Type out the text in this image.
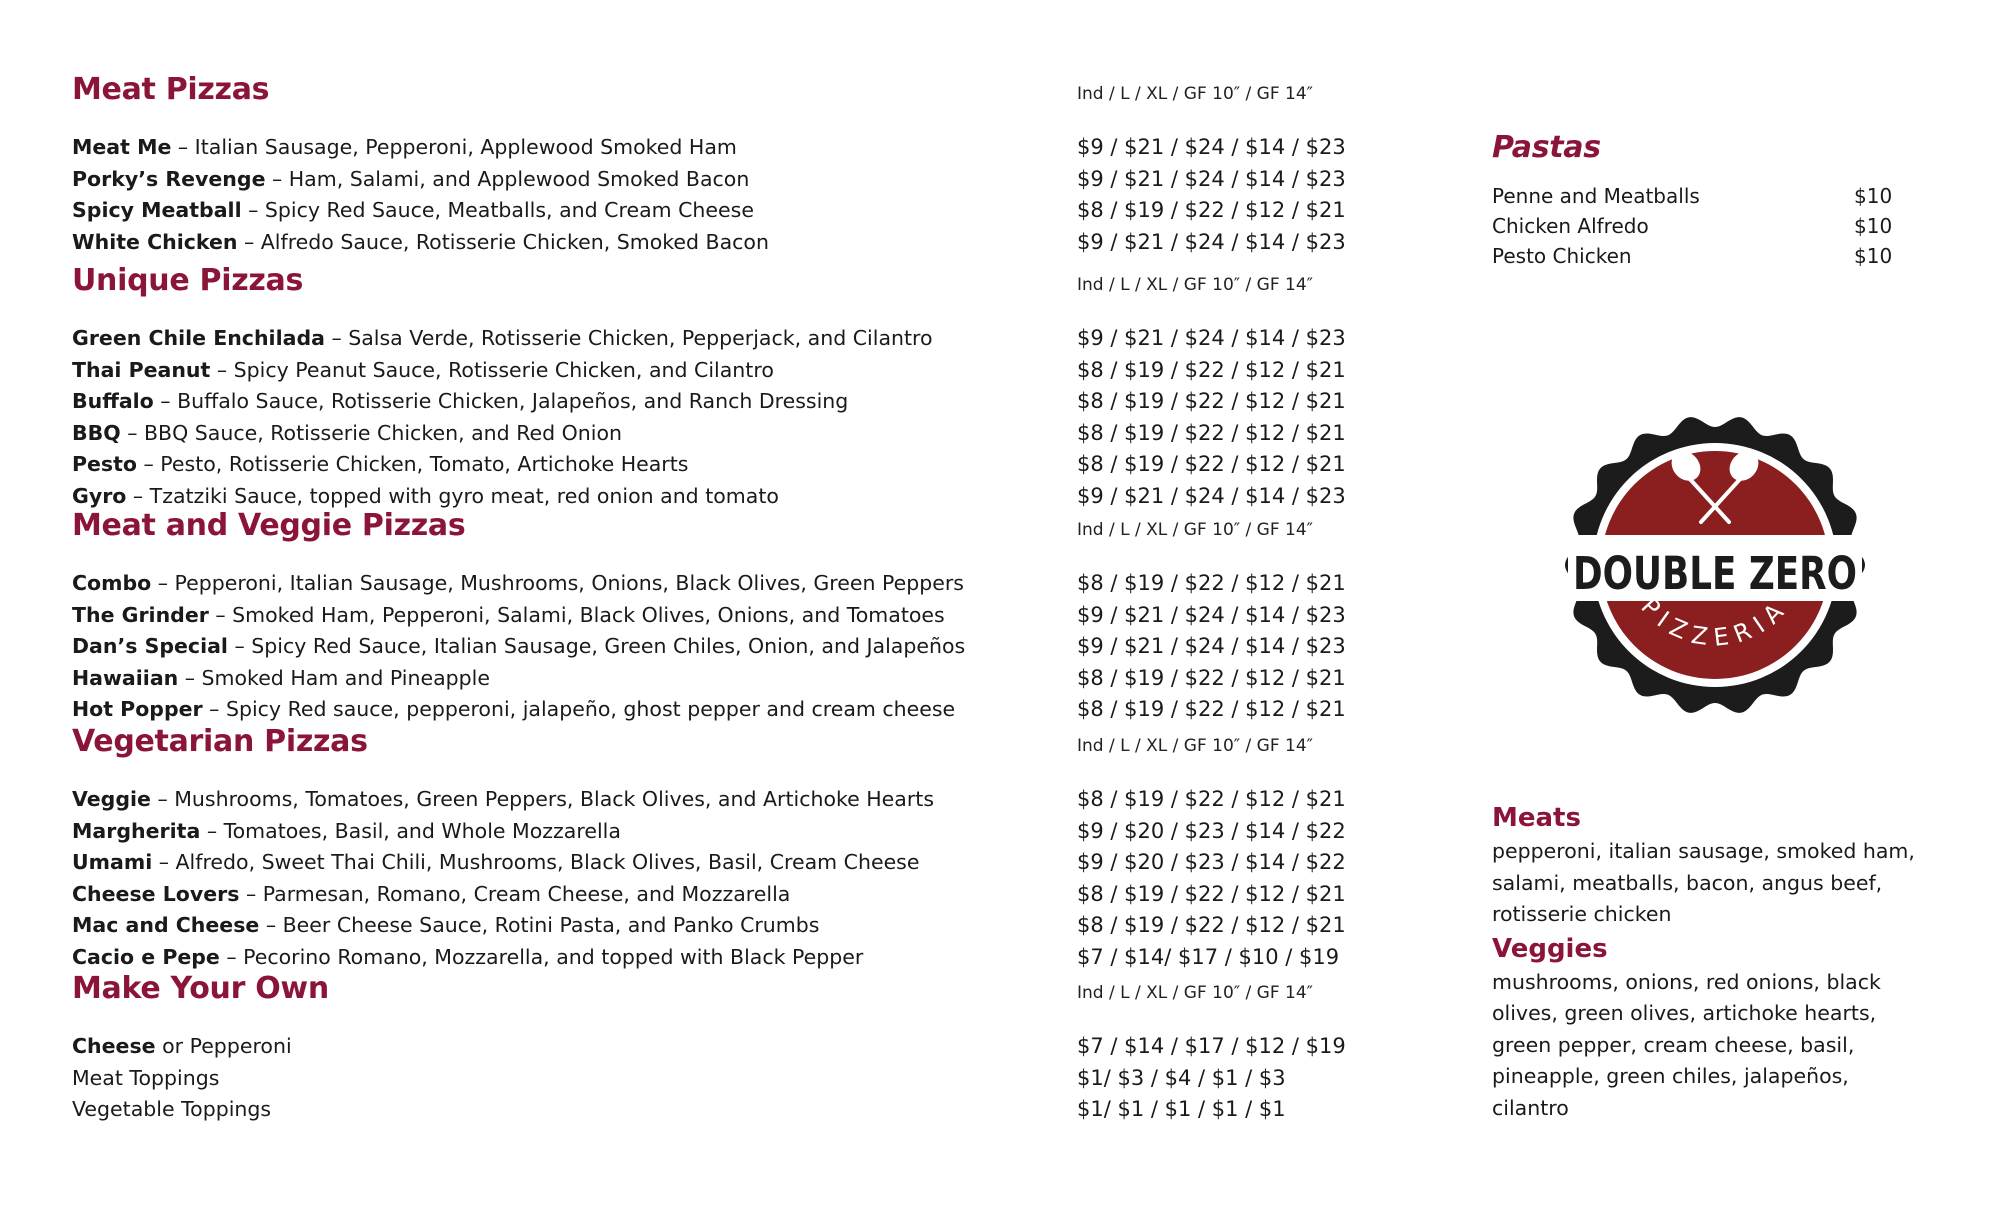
Meat Pizzas	Ind / L / XL / GF 10″ / GF 14″
Meat Me – Italian Sausage, Pepperoni, Applewood Smoked Ham	$9 / $21 / $24 / $14 / $23
Porky’s Revenge – Ham, Salami, and Applewood Smoked Bacon	$9 / $21 / $24 / $14 / $23
Spicy Meatball – Spicy Red Sauce, Meatballs, and Cream Cheese	$8 / $19 / $22 / $12 / $21
White Chicken – Alfredo Sauce, Rotisserie Chicken, Smoked Bacon	$9 / $21 / $24 / $14 / $23
Unique Pizzas	Ind / L / XL / GF 10″ / GF 14″
Green Chile Enchilada – Salsa Verde, Rotisserie Chicken, Pepperjack, and Cilantro	$9 / $21 / $24 / $14 / $23
Thai Peanut – Spicy Peanut Sauce, Rotisserie Chicken, and Cilantro	$8 / $19 / $22 / $12 / $21
Buffalo – Buffalo Sauce, Rotisserie Chicken, Jalapeños, and Ranch Dressing	$8 / $19 / $22 / $12 / $21
BBQ – BBQ Sauce, Rotisserie Chicken, and Red Onion	$8 / $19 / $22 / $12 / $21
Pesto – Pesto, Rotisserie Chicken, Tomato, Artichoke Hearts	$8 / $19 / $22 / $12 / $21
Gyro – Tzatziki Sauce, topped with gyro meat, red onion and tomato	$9 / $21 / $24 / $14 / $23
Meat and Veggie Pizzas	Ind / L / XL / GF 10″ / GF 14″
Combo – Pepperoni, Italian Sausage, Mushrooms, Onions, Black Olives, Green Peppers	$8 / $19 / $22 / $12 / $21
The Grinder – Smoked Ham, Pepperoni, Salami, Black Olives, Onions, and Tomatoes	$9 / $21 / $24 / $14 / $23
Dan’s Special – Spicy Red Sauce, Italian Sausage, Green Chiles, Onion, and Jalapeños	$9 / $21 / $24 / $14 / $23
Hawaiian – Smoked Ham and Pineapple	$8 / $19 / $22 / $12 / $21
Hot Popper – Spicy Red sauce, pepperoni, jalapeño, ghost pepper and cream cheese	$8 / $19 / $22 / $12 / $21
Vegetarian Pizzas	Ind / L / XL / GF 10″ / GF 14″
Veggie – Mushrooms, Tomatoes, Green Peppers, Black Olives, and Artichoke Hearts	$8 / $19 / $22 / $12 / $21
Margherita – Tomatoes, Basil, and Whole Mozzarella	$9 / $20 / $23 / $14 / $22
Umami – Alfredo, Sweet Thai Chili, Mushrooms, Black Olives, Basil, Cream Cheese	$9 / $20 / $23 / $14 / $22
Cheese Lovers – Parmesan, Romano, Cream Cheese, and Mozzarella	$8 / $19 / $22 / $12 / $21
Mac and Cheese – Beer Cheese Sauce, Rotini Pasta, and Panko Crumbs	$8 / $19 / $22 / $12 / $21
Cacio e Pepe – Pecorino Romano, Mozzarella, and topped with Black Pepper	$7 / $14/ $17 / $10 / $19
Make Your Own	Ind / L / XL / GF 10″ / GF 14″
Cheese or Pepperoni	$7 / $14 / $17 / $12 / $19
Meat Toppings	$1/ $3 / $4 / $1 / $3
Vegetable Toppings	$1/ $1 / $1 / $1 / $1
Pastas
Penne and Meatballs	$10
Chicken Alfredo	$10
Pesto Chicken	$10
DOUBLE ZERO
PIZZERIA
Meats
pepperoni, italian sausage, smoked ham, salami, meatballs, bacon, angus beef, rotisserie chicken
Veggies
mushrooms, onions, red onions, black olives, green olives, artichoke hearts, green pepper, cream cheese, basil, pineapple, green chiles, jalapeños, cilantro
